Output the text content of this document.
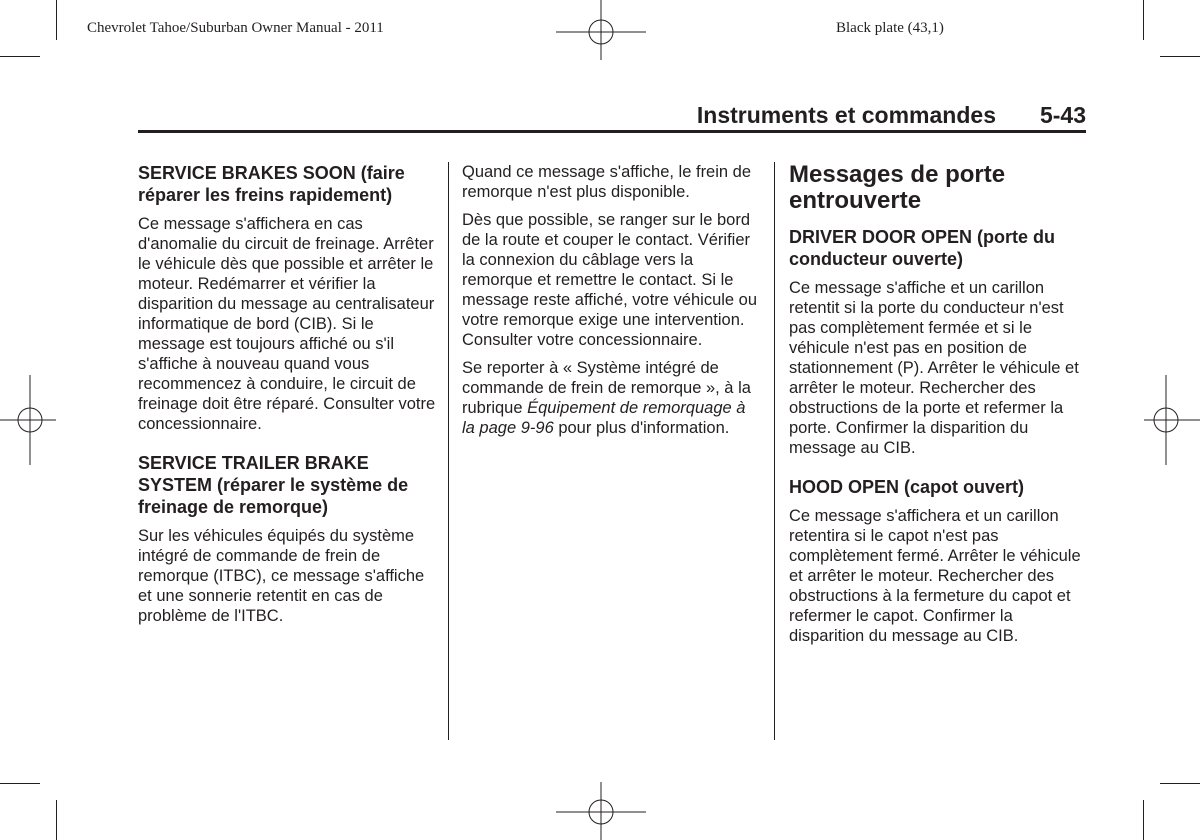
Chevrolet Tahoe/Suburban Owner Manual - 2011	Black plate (43,1)
Instruments et commandes 5-43
SERVICE BRAKES SOON (faire réparer les freins rapidement)

Ce message s'affichera en cas d'anomalie du circuit de freinage. Arrêter le véhicule dès que possible et arrêter le moteur. Redémarrer et vérifier la disparition du message au centralisateur informatique de bord (CIB). Si le message est toujours affiché ou s'il s'affiche à nouveau quand vous recommencez à conduire, le circuit de freinage doit être réparé. Consulter votre concessionnaire.

SERVICE TRAILER BRAKE SYSTEM (réparer le système de freinage de remorque)

Sur les véhicules équipés du système intégré de commande de frein de remorque (ITBC), ce message s'affiche et une sonnerie retentit en cas de problème de l'ITBC.

Quand ce message s'affiche, le frein de remorque n'est plus disponible.

Dès que possible, se ranger sur le bord de la route et couper le contact. Vérifier la connexion du câblage vers la remorque et remettre le contact. Si le message reste affiché, votre véhicule ou votre remorque exige une intervention. Consulter votre concessionnaire.

Se reporter à « Système intégré de commande de frein de remorque », à la rubrique Équipement de remorquage à la page 9-96 pour plus d'information.

Messages de porte entrouverte
DRIVER DOOR OPEN (porte du conducteur ouverte)

Ce message s'affiche et un carillon retentit si la porte du conducteur n'est pas complètement fermée et si le véhicule n'est pas en position de stationnement (P). Arrêter le véhicule et arrêter le moteur. Rechercher des obstructions de la porte et refermer la porte. Confirmer la disparition du message au CIB.

HOOD OPEN (capot ouvert)

Ce message s'affichera et un carillon retentira si le capot n'est pas complètement fermé. Arrêter le véhicule et arrêter le moteur. Rechercher des obstructions à la fermeture du capot et refermer le capot. Confirmer la disparition du message au CIB.
